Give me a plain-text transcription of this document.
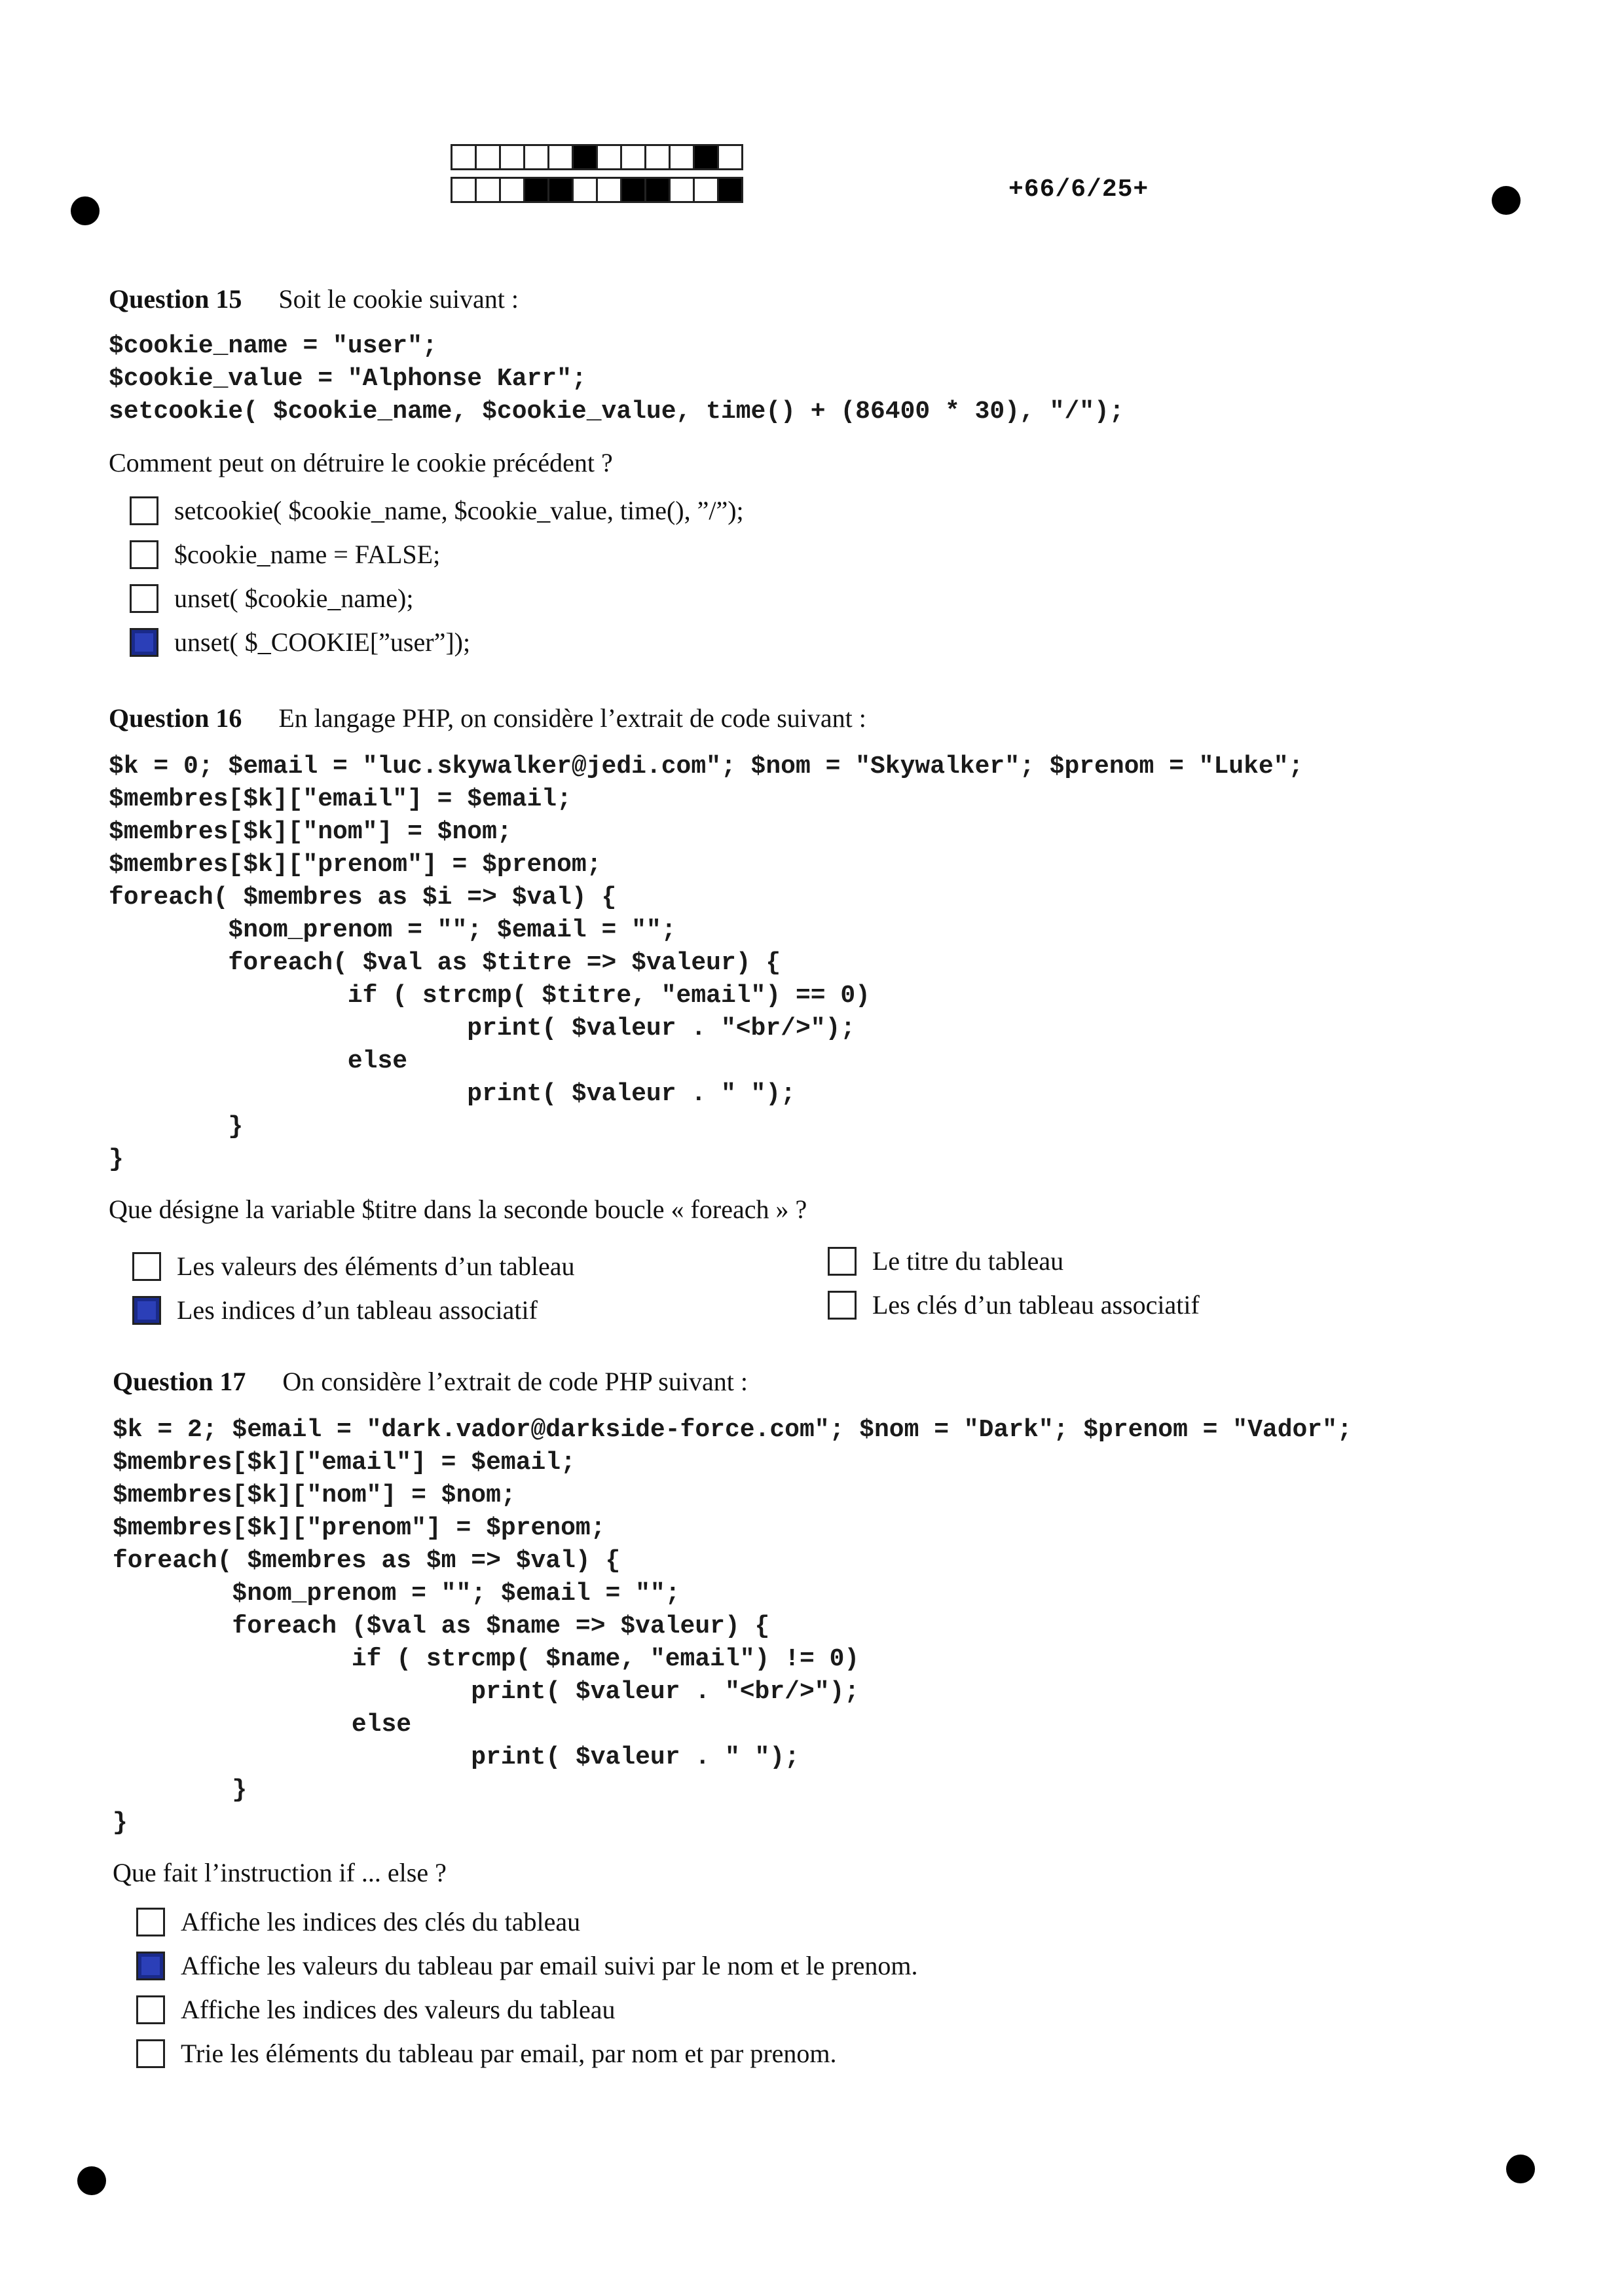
+66/6/25+
Question 15 Soit le cookie suivant :
$cookie_name = "user";
$cookie_value = "Alphonse Karr";
setcookie( $cookie_name, $cookie_value, time() + (86400 * 30), "/");
Comment peut on détruire le cookie précédent ?
setcookie( $cookie_name, $cookie_value, time(), ”/”);
$cookie_name = FALSE;
unset( $cookie_name);
unset( $_COOKIE[”user”]);
Question 16 En langage PHP, on considère l’extrait de code suivant :
$k = 0; $email = "luc.skywalker@jedi.com"; $nom = "Skywalker"; $prenom = "Luke";
$membres[$k]["email"] = $email;
$membres[$k]["nom"] = $nom;
$membres[$k]["prenom"] = $prenom;
foreach( $membres as $i => $val) {
$nom_prenom = ""; $email = "";
foreach( $val as $titre => $valeur) {
if ( strcmp( $titre, "email") == 0)
print( $valeur . "<br/>");
else
print( $valeur . " ");
}
}
Que désigne la variable $titre dans la seconde boucle « foreach » ?
Les valeurs des éléments d’un tableau
Les indices d’un tableau associatif
Le titre du tableau
Les clés d’un tableau associatif
Question 17 On considère l’extrait de code PHP suivant :
$k = 2; $email = "dark.vador@darkside-force.com"; $nom = "Dark"; $prenom = "Vador";
$membres[$k]["email"] = $email;
$membres[$k]["nom"] = $nom;
$membres[$k]["prenom"] = $prenom;
foreach( $membres as $m => $val) {
$nom_prenom = ""; $email = "";
foreach ($val as $name => $valeur) {
if ( strcmp( $name, "email") != 0)
print( $valeur . "<br/>");
else
print( $valeur . " ");
}
}
Que fait l’instruction if ... else ?
Affiche les indices des clés du tableau
Affiche les valeurs du tableau par email suivi par le nom et le prenom.
Affiche les indices des valeurs du tableau
Trie les éléments du tableau par email, par nom et par prenom.
